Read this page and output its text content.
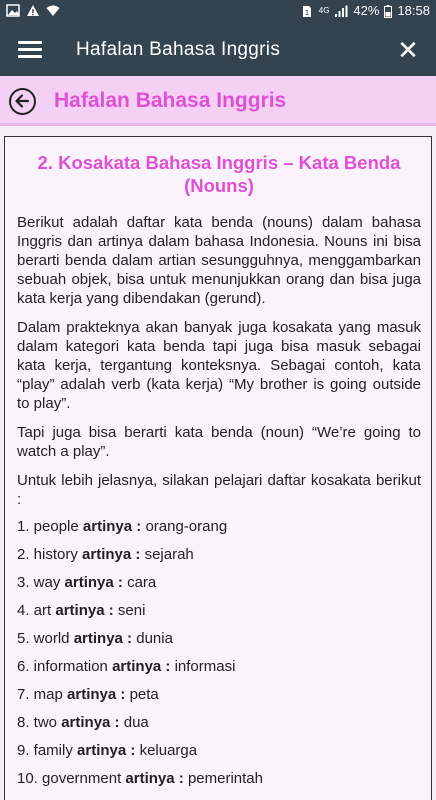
1 4G 42% 18:58
Hafalan Bahasa Inggris	✕
Hafalan Bahasa Inggris
2. Kosakata Bahasa Inggris – Kata Benda (Nouns)

Berikut adalah daftar kata benda (nouns) dalam bahasa Inggris dan artinya dalam bahasa Indonesia. Nouns ini bisa berarti benda dalam artian sesungguhnya, menggambarkan sebuah objek, bisa untuk menunjukkan orang dan bisa juga kata kerja yang dibendakan (gerund).

Dalam prakteknya akan banyak juga kosakata yang masuk dalam kategori kata benda tapi juga bisa masuk sebagai kata kerja, tergantung konteksnya. Sebagai contoh, kata “play” adalah verb (kata kerja) “My brother is going outside to play”.

Tapi juga bisa berarti kata benda (noun) “We’re going to watch a play”.

Untuk lebih jelasnya, silakan pelajari daftar kosakata berikut :

1. people artinya : orang-orang
2. history artinya : sejarah
3. way artinya : cara
4. art artinya : seni
5. world artinya : dunia
6. information artinya : informasi
7. map artinya : peta
8. two artinya : dua
9. family artinya : keluarga
10. government artinya : pemerintah
